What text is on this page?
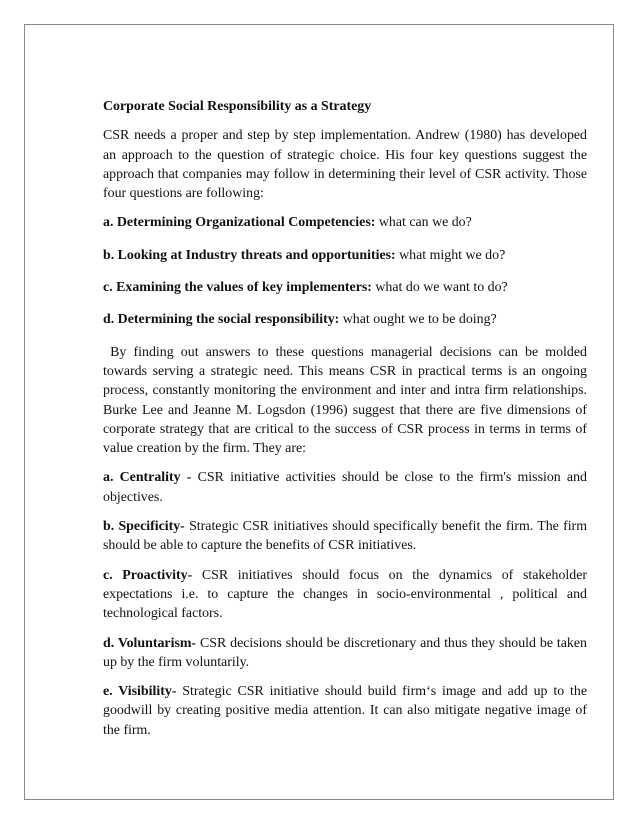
Corporate Social Responsibility as a Strategy
CSR needs a proper and step by step implementation. Andrew (1980) has developed an approach to the question of strategic choice. His four key questions suggest the approach that companies may follow in determining their level of CSR activity. Those four questions are following:
a. Determining Organizational Competencies: what can we do?
b. Looking at Industry threats and opportunities: what might we do?
c. Examining the values of key implementers: what do we want to do?
d. Determining the social responsibility: what ought we to be doing?
By finding out answers to these questions managerial decisions can be molded towards serving a strategic need. This means CSR in practical terms is an ongoing process, constantly monitoring the environment and inter and intra firm relationships. Burke Lee and Jeanne M. Logsdon (1996) suggest that there are five dimensions of corporate strategy that are critical to the success of CSR process in terms in terms of value creation by the firm. They are:
a. Centrality - CSR initiative activities should be close to the firm's mission and objectives.
b. Specificity- Strategic CSR initiatives should specifically benefit the firm. The firm should be able to capture the benefits of CSR initiatives.
c. Proactivity- CSR initiatives should focus on the dynamics of stakeholder expectations i.e. to capture the changes in socio-environmental , political and technological factors.
d. Voluntarism- CSR decisions should be discretionary and thus they should be taken up by the firm voluntarily.
e. Visibility- Strategic CSR initiative should build firm‘s image and add up to the goodwill by creating positive media attention. It can also mitigate negative image of the firm.
